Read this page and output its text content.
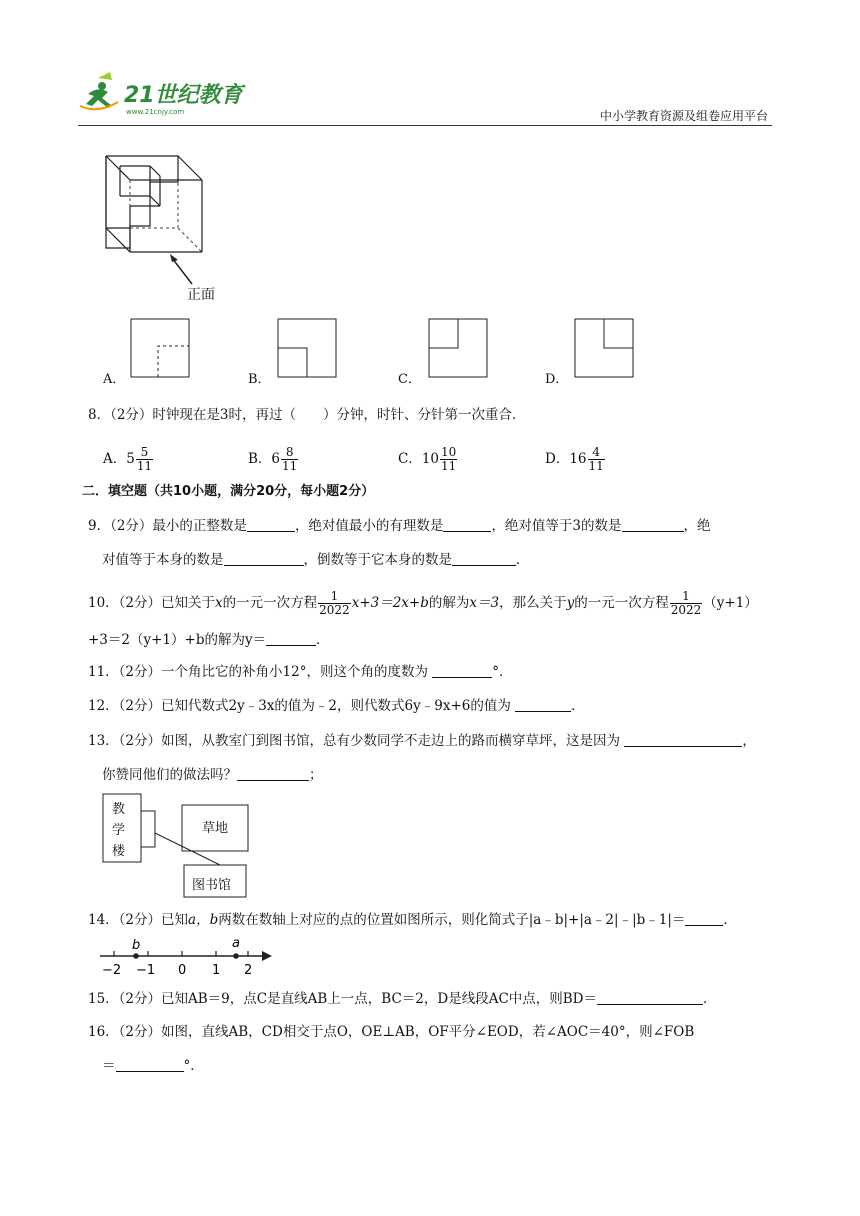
21世纪教育
www.21cnjy.com	中小学教育资源及组卷应用平台
正面
A．	B．	C．	D．
8．（2分）时钟现在是3时，再过（　　）分钟，时针、分针第一次重合．
A．$5 \frac{5}{11}$	B．$6 \frac{8}{11}$	C．$10 \frac{10}{11}$	D．$16 \frac{4}{11}$
二．填空题（共10小题，满分20分，每小题2分）
9．（2分）最小的正整数是	，绝对值最小的有理数是	，绝对值等于3的数是	，绝
对值等于本身的数是	，倒数等于它本身的数是	．
10．（2分）已知关于x的一元一次方程 $\frac{1}{2022} x+3=2x+b$的解为x＝3，那么关于y的一元一次方程 $\frac{1}{2022} (y+1)$
+3＝2（y+1）+b的解为y＝	．
11．（2分）一个角比它的补角小12°，则这个角的度数为	°．
12．（2分）已知代数式2y﹣3x的值为﹣2，则代数式6y﹣9x+6的值为	．
13．（2分）如图，从教室门到图书馆，总有少数同学不走边上的路而横穿草坪，这是因为	，
你赞同他们的做法吗？	；
教
学
楼
草地
图书馆
14．（2分）已知a，b两数在数轴上对应的点的位置如图所示，则化简式子|a﹣b|+|a﹣2|﹣|b﹣1|＝	．
b	a
−2 −1 0 1 2
15．（2分）已知AB＝9，点C是直线AB上一点，BC＝2，D是线段AC中点，则BD＝	．
16．（2分）如图，直线AB，CD相交于点O，OE⊥AB，OF平分∠EOD，若∠AOC＝40°，则∠FOB
＝	°．
